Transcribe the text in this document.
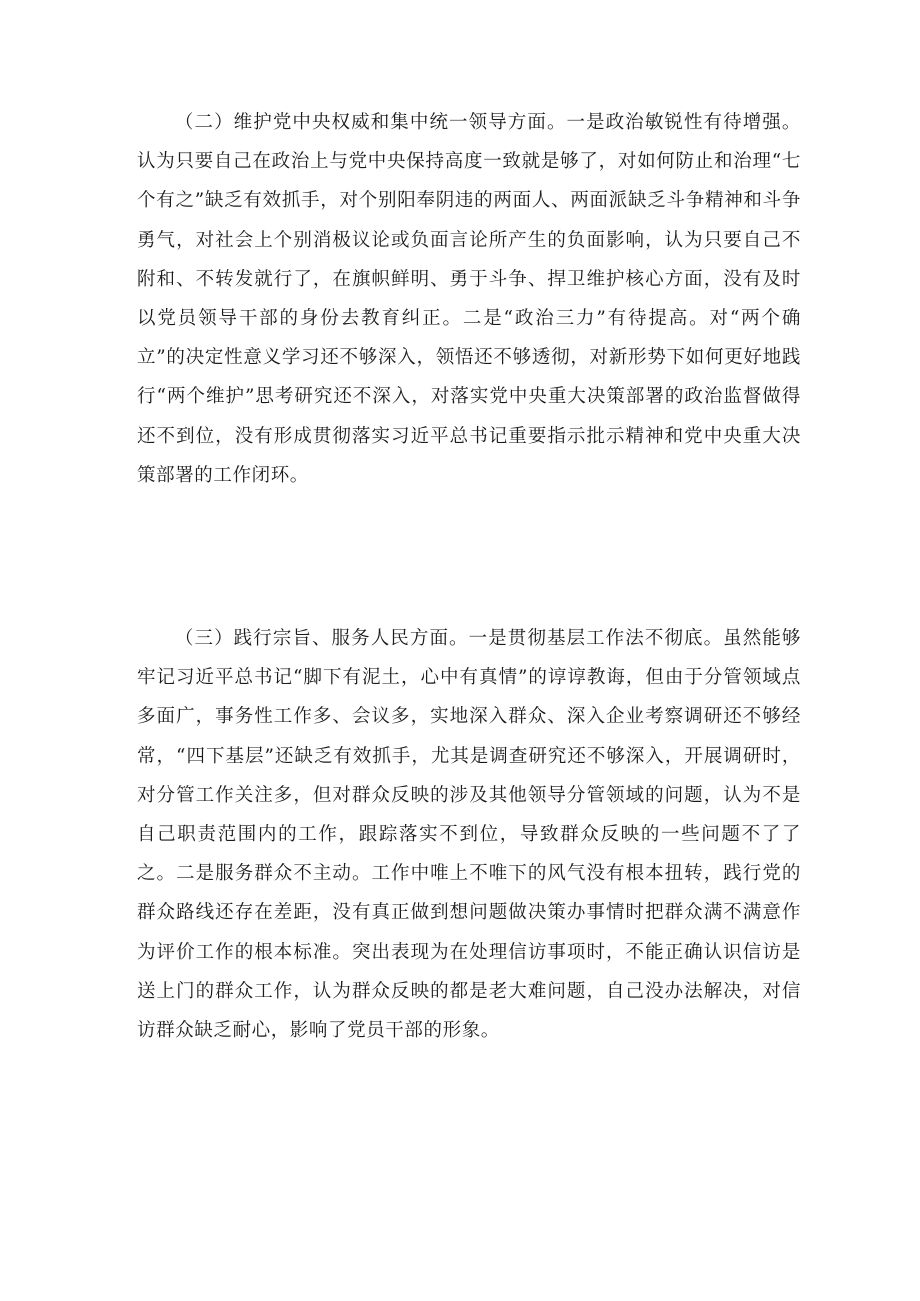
（二）维护党中央权威和集中统一领导方面。一是政治敏锐性有待增强。认为只要自己在政治上与党中央保持高度一致就是够了，对如何防止和治理“七个有之”缺乏有效抓手，对个别阳奉阴违的两面人、两面派缺乏斗争精神和斗争勇气，对社会上个别消极议论或负面言论所产生的负面影响，认为只要自己不附和、不转发就行了，在旗帜鲜明、勇于斗争、捍卫维护核心方面，没有及时以党员领导干部的身份去教育纠正。二是“政治三力”有待提高。对“两个确立”的决定性意义学习还不够深入，领悟还不够透彻，对新形势下如何更好地践行“两个维护”思考研究还不深入，对落实党中央重大决策部署的政治监督做得还不到位，没有形成贯彻落实习近平总书记重要指示批示精神和党中央重大决策部署的工作闭环。

（三）践行宗旨、服务人民方面。一是贯彻基层工作法不彻底。虽然能够牢记习近平总书记“脚下有泥土，心中有真情”的谆谆教诲，但由于分管领域点多面广，事务性工作多、会议多，实地深入群众、深入企业考察调研还不够经常，“四下基层”还缺乏有效抓手，尤其是调查研究还不够深入，开展调研时，对分管工作关注多，但对群众反映的涉及其他领导分管领域的问题，认为不是自己职责范围内的工作，跟踪落实不到位，导致群众反映的一些问题不了了之。二是服务群众不主动。工作中唯上不唯下的风气没有根本扭转，践行党的群众路线还存在差距，没有真正做到想问题做决策办事情时把群众满不满意作为评价工作的根本标准。突出表现为在处理信访事项时，不能正确认识信访是送上门的群众工作，认为群众反映的都是老大难问题，自己没办法解决，对信访群众缺乏耐心，影响了党员干部的形象。
